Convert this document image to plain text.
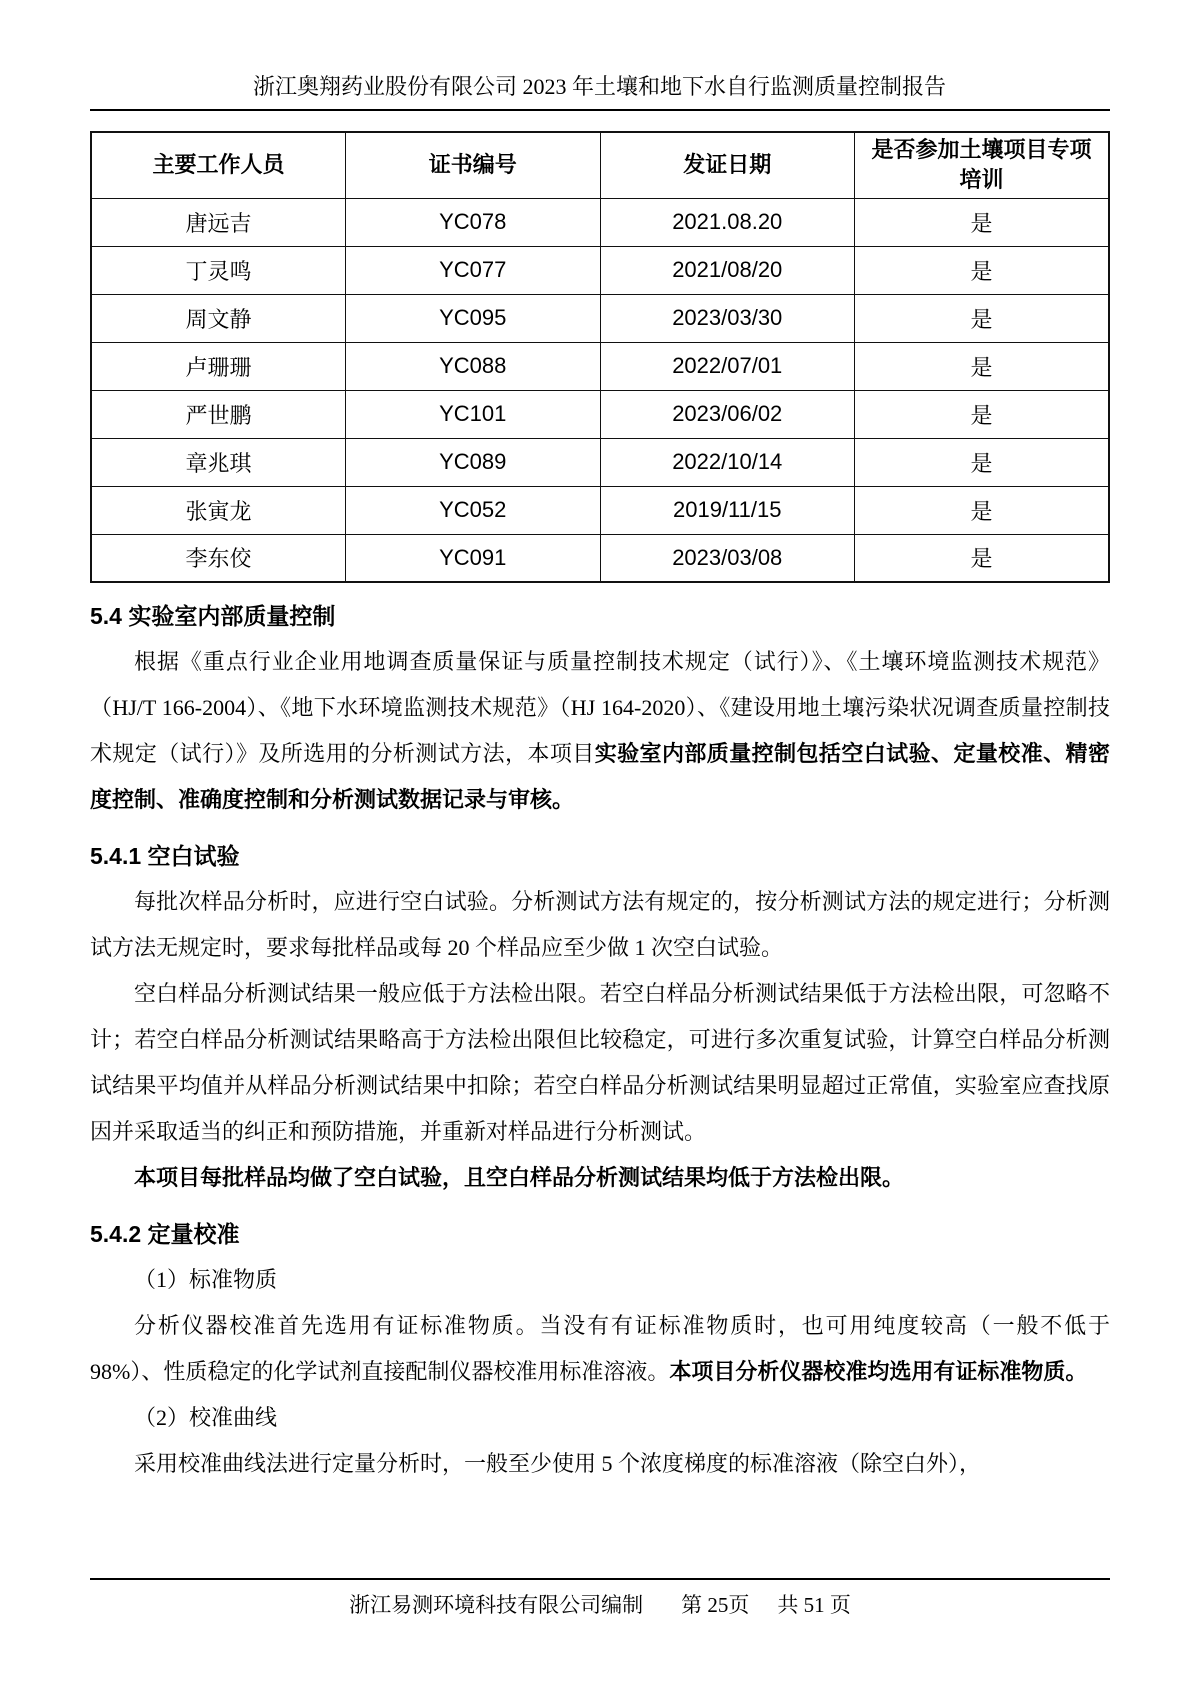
浙江奥翔药业股份有限公司 2023 年土壤和地下水自行监测质量控制报告
主要工作人员	证书编号	发证日期	是否参加土壤项目专项培训
唐远吉	YC078	2021.08.20	是
丁灵鸣	YC077	2021/08/20	是
周文静	YC095	2023/03/30	是
卢珊珊	YC088	2022/07/01	是
严世鹏	YC101	2023/06/02	是
章兆琪	YC089	2022/10/14	是
张寅龙	YC052	2019/11/15	是
李东佼	YC091	2023/03/08	是
5.4 实验室内部质量控制

根据《重点行业企业用地调查质量保证与质量控制技术规定（试行）》、《土壤环境监测技术规范》（HJ/T 166-2004）、《地下水环境监测技术规范》（HJ 164-2020）、《建设用地土壤污染状况调查质量控制技术规定（试行）》及所选用的分析测试方法，本项目实验室内部质量控制包括空白试验、定量校准、精密度控制、准确度控制和分析测试数据记录与审核。

5.4.1 空白试验

每批次样品分析时，应进行空白试验。分析测试方法有规定的，按分析测试方法的规定进行；分析测试方法无规定时，要求每批样品或每 20 个样品应至少做 1 次空白试验。

空白样品分析测试结果一般应低于方法检出限。若空白样品分析测试结果低于方法检出限，可忽略不计；若空白样品分析测试结果略高于方法检出限但比较稳定，可进行多次重复试验，计算空白样品分析测试结果平均值并从样品分析测试结果中扣除；若空白样品分析测试结果明显超过正常值，实验室应查找原因并采取适当的纠正和预防措施，并重新对样品进行分析测试。

本项目每批样品均做了空白试验，且空白样品分析测试结果均低于方法检出限。

5.4.2 定量校准

（1）标准物质

分析仪器校准首先选用有证标准物质。当没有有证标准物质时，也可用纯度较高（一般不低于 98%）、性质稳定的化学试剂直接配制仪器校准用标准溶液。本项目分析仪器校准均选用有证标准物质。

（2）校准曲线

采用校准曲线法进行定量分析时，一般至少使用 5 个浓度梯度的标准溶液（除空白外），

浙江易测环境科技有限公司编制 第 25页 共 51 页
